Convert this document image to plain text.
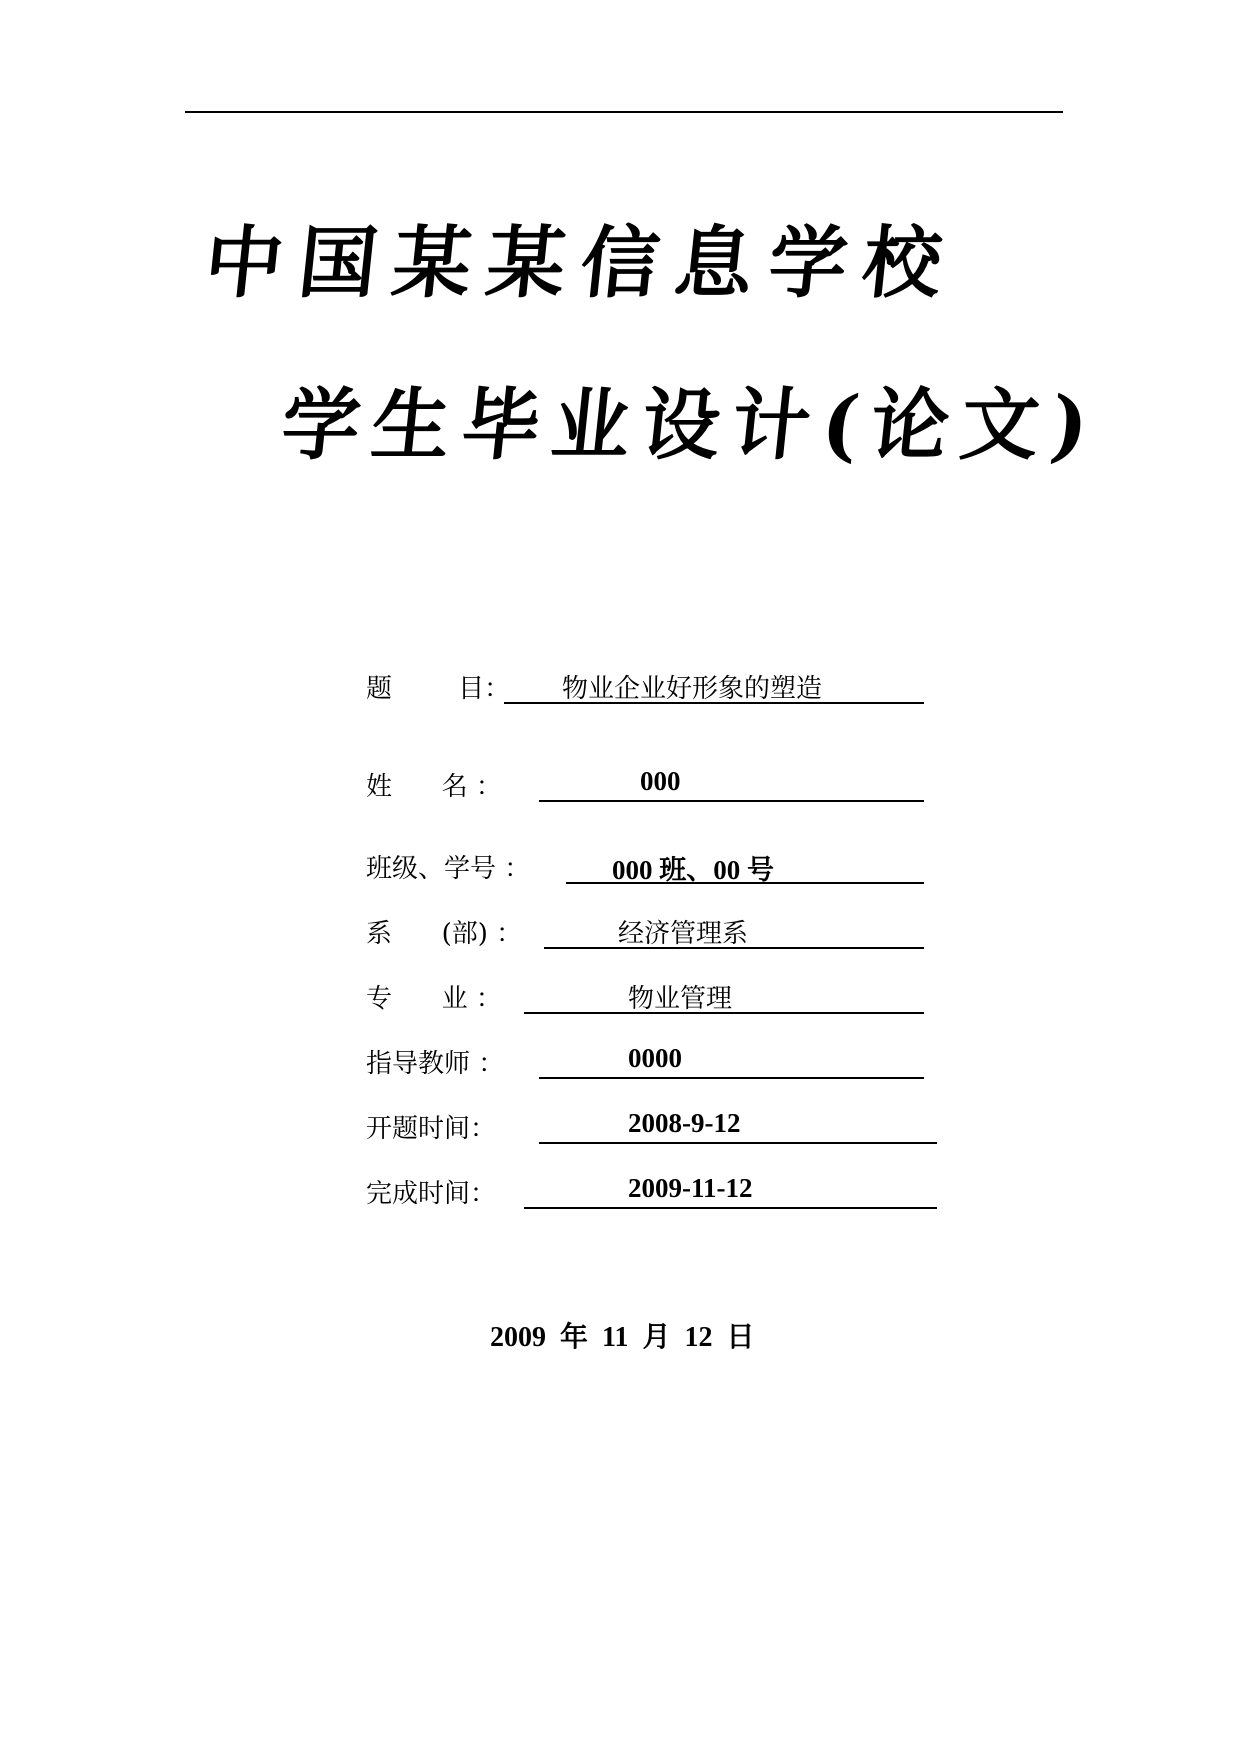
中国某某信息学校
学生毕业设计(论文)
题        目： 物业企业好形象的塑造
姓      名 ：	000
班级、学号 ：	000 班、00 号
系      (部) ：	经济管理系
专      业 ：	物业管理
指导教师 ：	0000
开题时间：	2008-9-12
完成时间：	2009-11-12
2009  年  11  月  12  日
